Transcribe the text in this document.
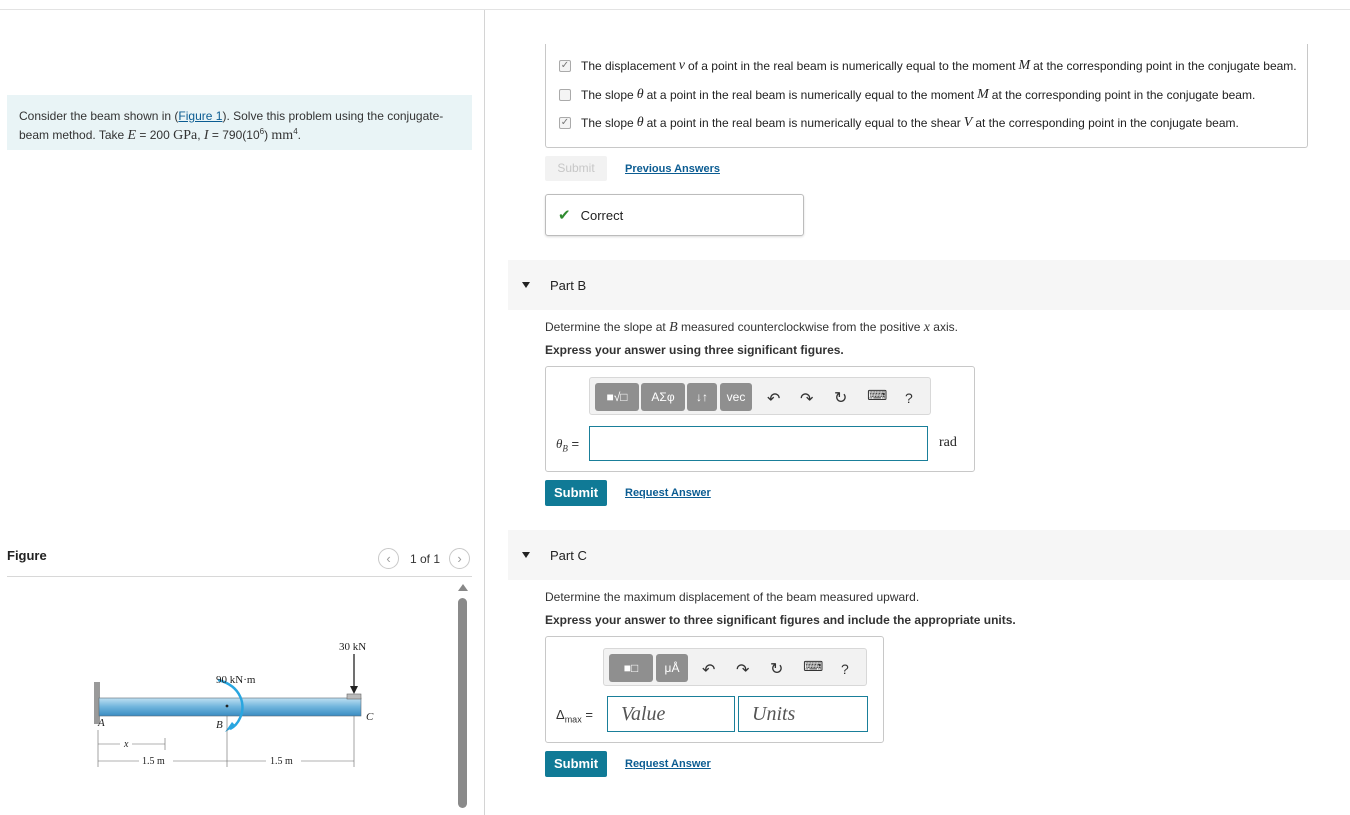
Consider the beam shown in (Figure 1). Solve this problem using the conjugate-beam method. Take E = 200 GPa, $I = 790(10^6)$ $mm^4$.
Figure	‹	1 of 1	›
30 kN
90 kN·m
A	B
C
x
1.5 m	1.5 m
✓ The displacement v of a point in the real beam is numerically equal to the moment M at the corresponding point in the conjugate beam.
The slope θ at a point in the real beam is numerically equal to the moment M at the corresponding point in the conjugate beam.
✓ The slope θ at a point in the real beam is numerically equal to the shear V at the corresponding point in the conjugate beam.
Submit	Previous Answers
✔ Correct
Part B
Determine the slope at B measured counterclockwise from the positive x axis.
Express your answer using three significant figures.
■√□	ΑΣφ	↓↑	vec	↶ ↷ ↻ ⌨ ?
$\theta_B$ =	rad
Submit	Request Answer
Part C
Determine the maximum displacement of the beam measured upward.
Express your answer to three significant figures and include the appropriate units.
■□	μÅ	↶ ↷ ↻ ⌨ ?
$\Delta_{max}$ =	Value	Units
Submit	Request Answer
